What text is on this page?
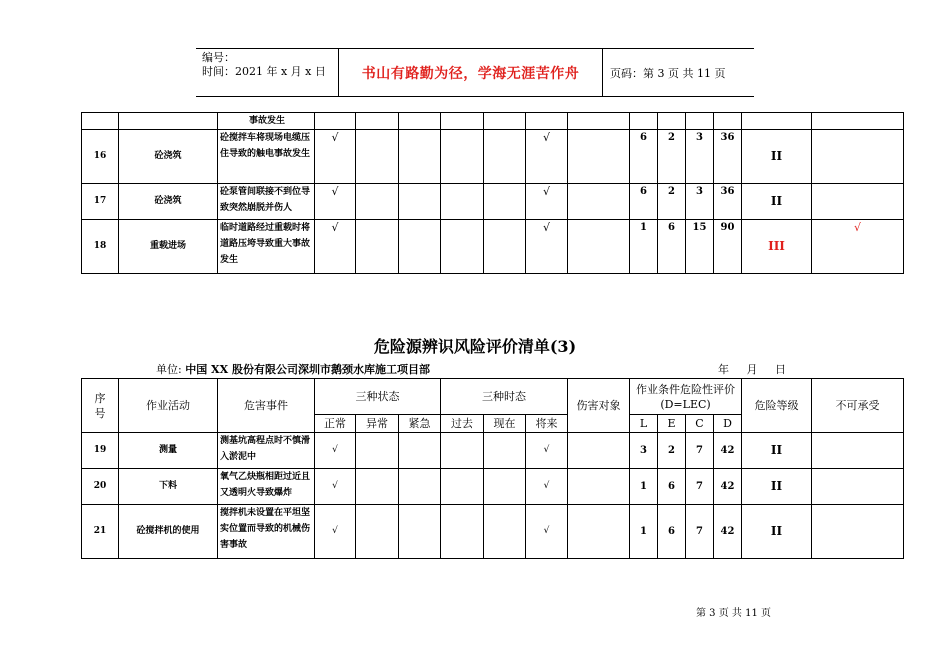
编号：
时间：2021 年 x 月 x 日	书山有路勤为径，学海无涯苦作舟	页码：第 3 页 共 11 页
		事故发生													
16	砼浇筑	砼搅拌车将现场电缆压住导致的触电事故发生	√					√		6	2	3	36	II	
17	砼浇筑	砼泵管间联接不到位导致突然崩脱并伤人	√					√		6	2	3	36	II	
18	重载进场	临时道路经过重载时将道路压垮导致重大事故发生	√					√		1	6	15	90	III	√
危险源辨识风险评价清单(3)
单位: 中国 XX 股份有限公司深圳市鹅颈水库施工项目部	年 月 日
序号	作业活动	危害事件	三种状态			三种时态			伤害对象	作业条件危险性评价(D=LEC)				危险等级	不可承受
			正常	异常	紧急	过去	现在	将来		L	E	C	D		
19	测量	测基坑高程点时不慎滑入淤泥中	√					√		3	2	7	42	II	
20	下料	氧气乙炔瓶相距过近且又透明火导致爆炸	√					√		1	6	7	42	II	
21	砼搅拌机的使用	搅拌机未设置在平坦坚实位置而导致的机械伤害事故	√					√		1	6	7	42	II	
第 3 页 共 11 页
